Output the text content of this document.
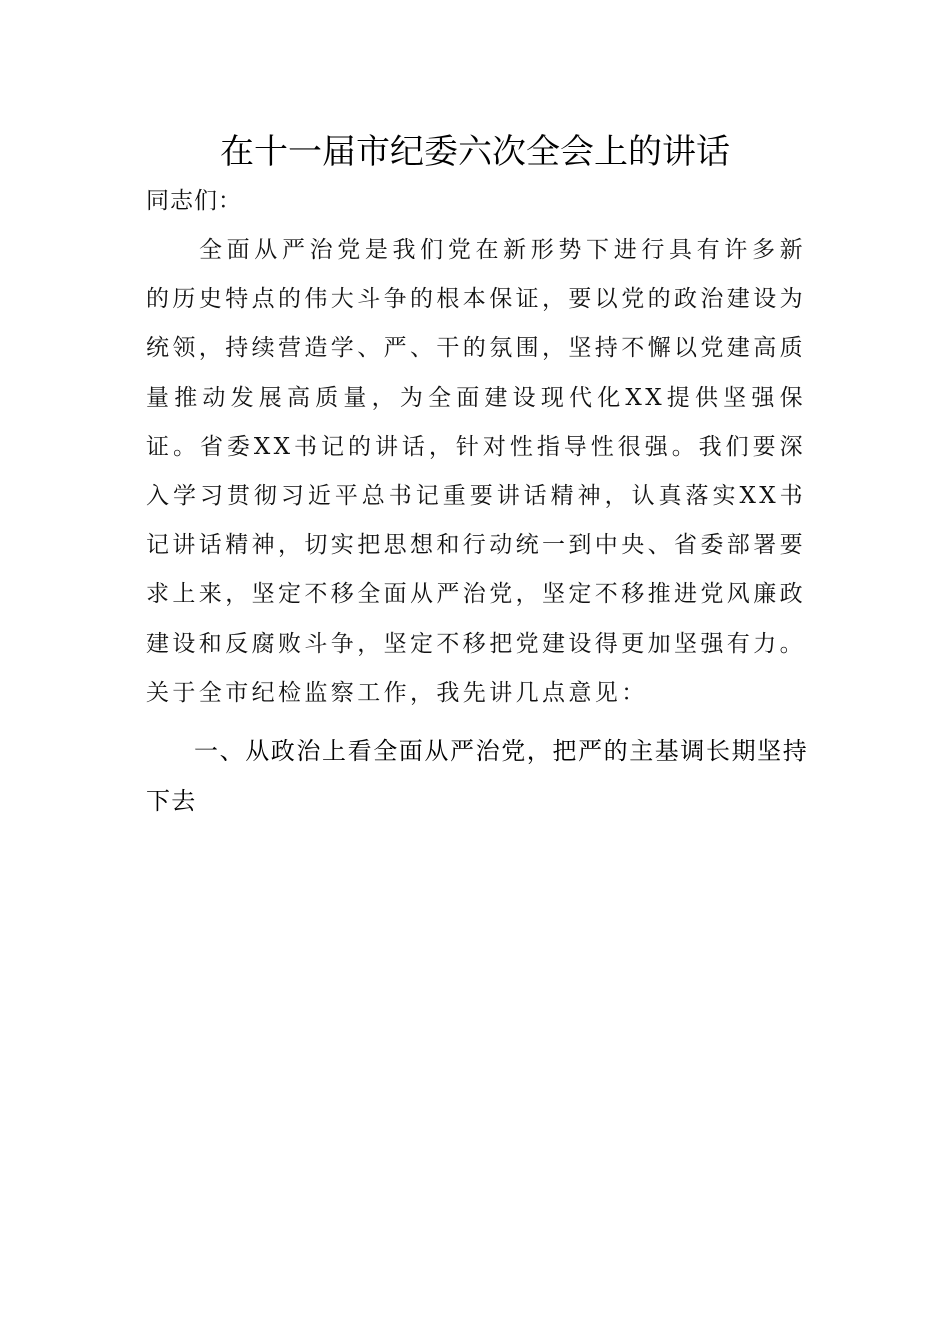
在十一届市纪委六次全会上的讲话

同志们：

全面从严治党是我们党在新形势下进行具有许多新的历史特点的伟大斗争的根本保证，要以党的政治建设为统领，持续营造学、严、干的氛围，坚持不懈以党建高质量推动发展高质量，为全面建设现代化XX提供坚强保证。省委XX书记的讲话，针对性指导性很强。我们要深入学习贯彻习近平总书记重要讲话精神，认真落实XX书记讲话精神，切实把思想和行动统一到中央、省委部署要求上来，坚定不移全面从严治党，坚定不移推进党风廉政建设和反腐败斗争，坚定不移把党建设得更加坚强有力。关于全市纪检监察工作，我先讲几点意见：

一、从政治上看全面从严治党，把严的主基调长期坚持下去
